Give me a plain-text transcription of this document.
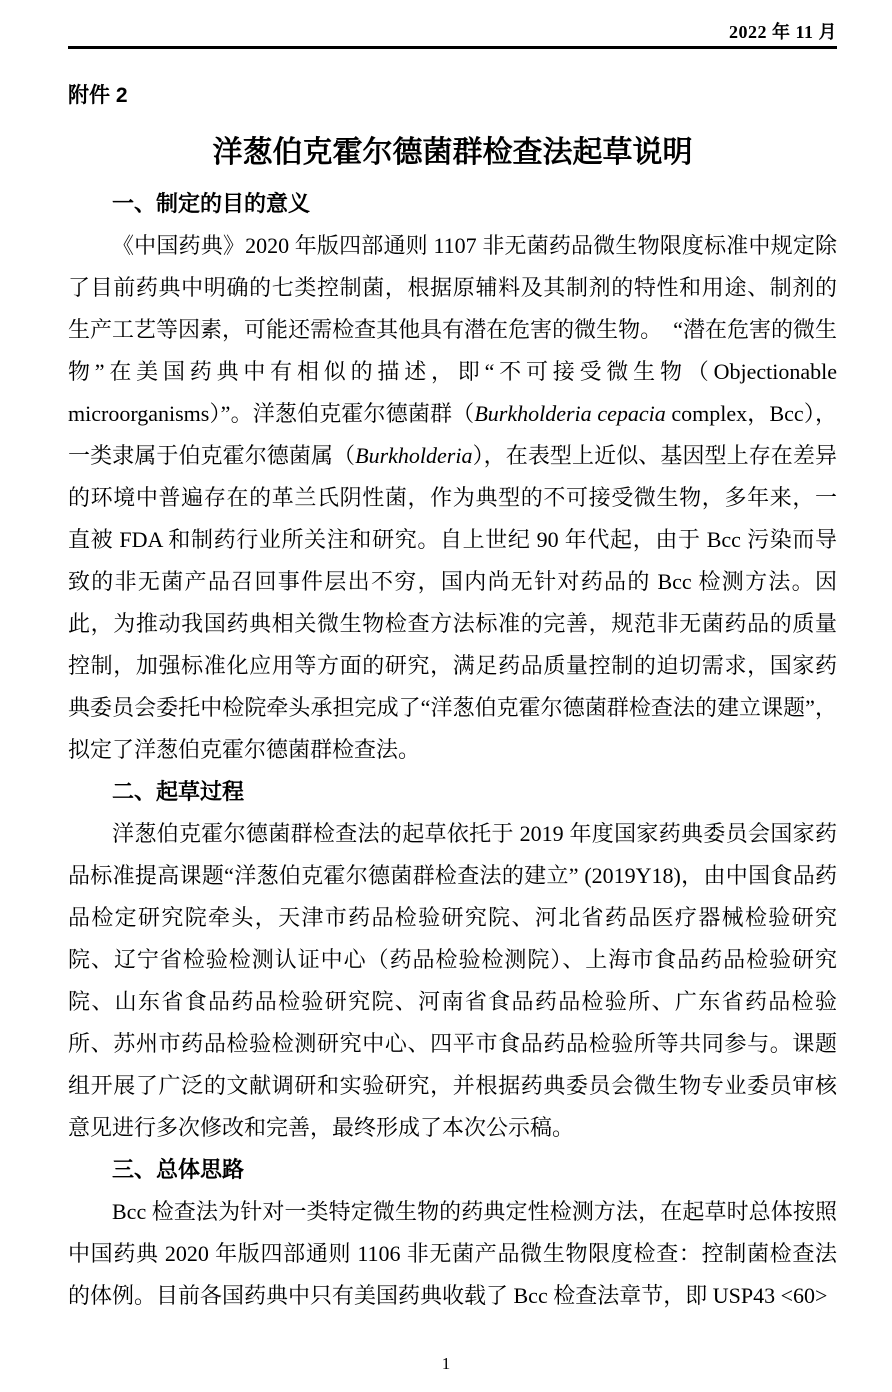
2022 年 11 月
附件 2
洋葱伯克霍尔德菌群检查法起草说明
一、制定的目的意义

《中国药典》2020 年版四部通则 1107 非无菌药品微生物限度标准中规定除了目前药典中明确的七类控制菌，根据原辅料及其制剂的特性和用途、制剂的生产工艺等因素，可能还需检查其他具有潜在危害的微生物。　“潜在危害的微生物”在美国药典中有相似的描述，即“不可接受微生物（Objectionable microorganisms）”。洋葱伯克霍尔德菌群（Burkholderia cepacia complex，Bcc），一类隶属于伯克霍尔德菌属（Burkholderia），在表型上近似、基因型上存在差异的环境中普遍存在的革兰氏阴性菌，作为典型的不可接受微生物，多年来，一直被 FDA 和制药行业所关注和研究。自上世纪 90 年代起，由于 Bcc 污染而导致的非无菌产品召回事件层出不穷，国内尚无针对药品的 Bcc 检测方法。因此，为推动我国药典相关微生物检查方法标准的完善，规范非无菌药品的质量控制，加强标准化应用等方面的研究，满足药品质量控制的迫切需求，国家药典委员会委托中检院牵头承担完成了“洋葱伯克霍尔德菌群检查法的建立课题”，拟定了洋葱伯克霍尔德菌群检查法。

二、起草过程

洋葱伯克霍尔德菌群检查法的起草依托于 2019 年度国家药典委员会国家药品标准提高课题“洋葱伯克霍尔德菌群检查法的建立” (2019Y18)，由中国食品药品检定研究院牵头，天津市药品检验研究院、河北省药品医疗器械检验研究院、辽宁省检验检测认证中心（药品检验检测院）、上海市食品药品检验研究院、山东省食品药品检验研究院、河南省食品药品检验所、广东省药品检验所、苏州市药品检验检测研究中心、四平市食品药品检验所等共同参与。课题组开展了广泛的文献调研和实验研究，并根据药典委员会微生物专业委员审核意见进行多次修改和完善，最终形成了本次公示稿。

三、总体思路

Bcc 检查法为针对一类特定微生物的药典定性检测方法，在起草时总体按照中国药典 2020 年版四部通则 1106 非无菌产品微生物限度检查：控制菌检查法的体例。目前各国药典中只有美国药典收载了 Bcc 检查法章节，即 USP43 <60>

1
